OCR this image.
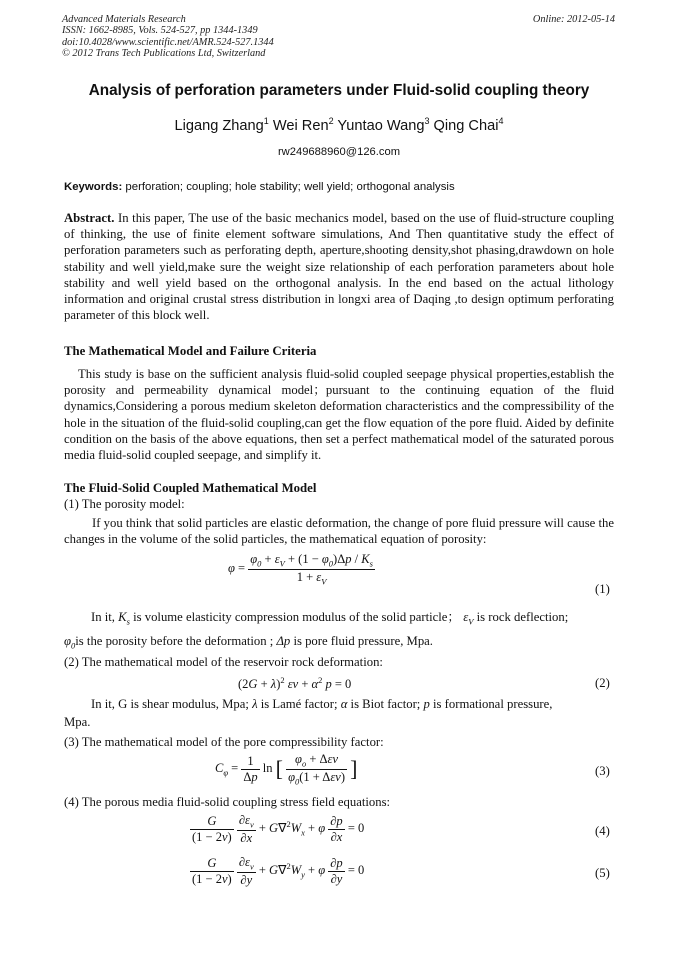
Advanced Materials Research
ISSN: 1662-8985, Vols. 524-527, pp 1344-1349
doi:10.4028/www.scientific.net/AMR.524-527.1344
© 2012 Trans Tech Publications Ltd, Switzerland
Online: 2012-05-14
Analysis of perforation parameters under Fluid-solid coupling theory
Ligang Zhang$^1$ Wei Ren$^2$ Yuntao Wang$^3$ Qing Chai$^4$
rw249688960@126.com
Keywords: perforation; coupling; hole stability; well yield; orthogonal analysis
Abstract. In this paper, The use of the basic mechanics model, based on the use of fluid-structure coupling of thinking, the use of finite element software simulations, And Then quantitative study the effect of perforation parameters such as perforating depth, aperture,shooting density,shot phasing,drawdown on hole stability and well yield,make sure the weight size relationship of each perforation parameters about hole stability and well yield based on the orthogonal analysis. In the end based on the actual lithology information and original crustal stress distribution in longxi area of Daqing ,to design optimum perforating parameter of this block well.
The Mathematical Model and Failure Criteria
This study is base on the sufficient analysis fluid-solid coupled seepage physical properties,establish the porosity and permeability dynamical model；pursuant to the continuing equation of the fluid dynamics,Considering a porous medium skeleton deformation characteristics and the compressibility of the hole in the situation of the fluid-solid coupling,can get the flow equation of the pore fluid. Aided by definite condition on the basis of the above equations, then set a perfect mathematical model of the saturated porous media fluid-solid coupled seepage, and simplify it.
The Fluid-Solid Coupled Mathematical Model
(1) The porosity model:
If you think that solid particles are elastic deformation, the change of pore fluid pressure will cause the changes in the volume of the solid particles, the mathematical equation of porosity:
$\varphi = \frac{\varphi_0 + \varepsilon_V + (1 - \varphi_0)\Delta p / K_s}{1 + \varepsilon_V}$
(1)
In it, $K_s$ is volume elasticity compression modulus of the solid particle； $\varepsilon_V$ is rock deflection;
$\varphi_0is$ the porosity before the deformation ; Δp is pore fluid pressure, Mpa.
(2) The mathematical model of the reservoir rock deformation:
$(2G + \lambda)^2$ $\varepsilon\nu + \alpha^2$ p = 0	(2)
In it, G is shear modulus, Mpa; λ is Lamé factor; α is Biot factor; p is formational pressure,
Mpa.
(3) The mathematical model of the pore compressibility factor:
$C_\varphi = \frac{1}{\Delta p}$ ln [ $\frac{\varphi_o + \Delta\varepsilon\nu}{\varphi_0(1 + \Delta\varepsilon\nu)}$ ]	(3)
(4) The porous media fluid-solid coupling stress field equations:
$\frac{G}{(1 - 2\nu)}$
$\frac{\partial\varepsilon_v}{\partial x} + G\nabla^2W_x + \varphi \frac{\partial p}{\partial x} = 0$	(4)
$\frac{G}{(1 - 2\nu)}$
$\frac{\partial\varepsilon_v}{\partial y} + G\nabla^2W_y + \varphi \frac{\partial p}{\partial y} = 0$	(5)
